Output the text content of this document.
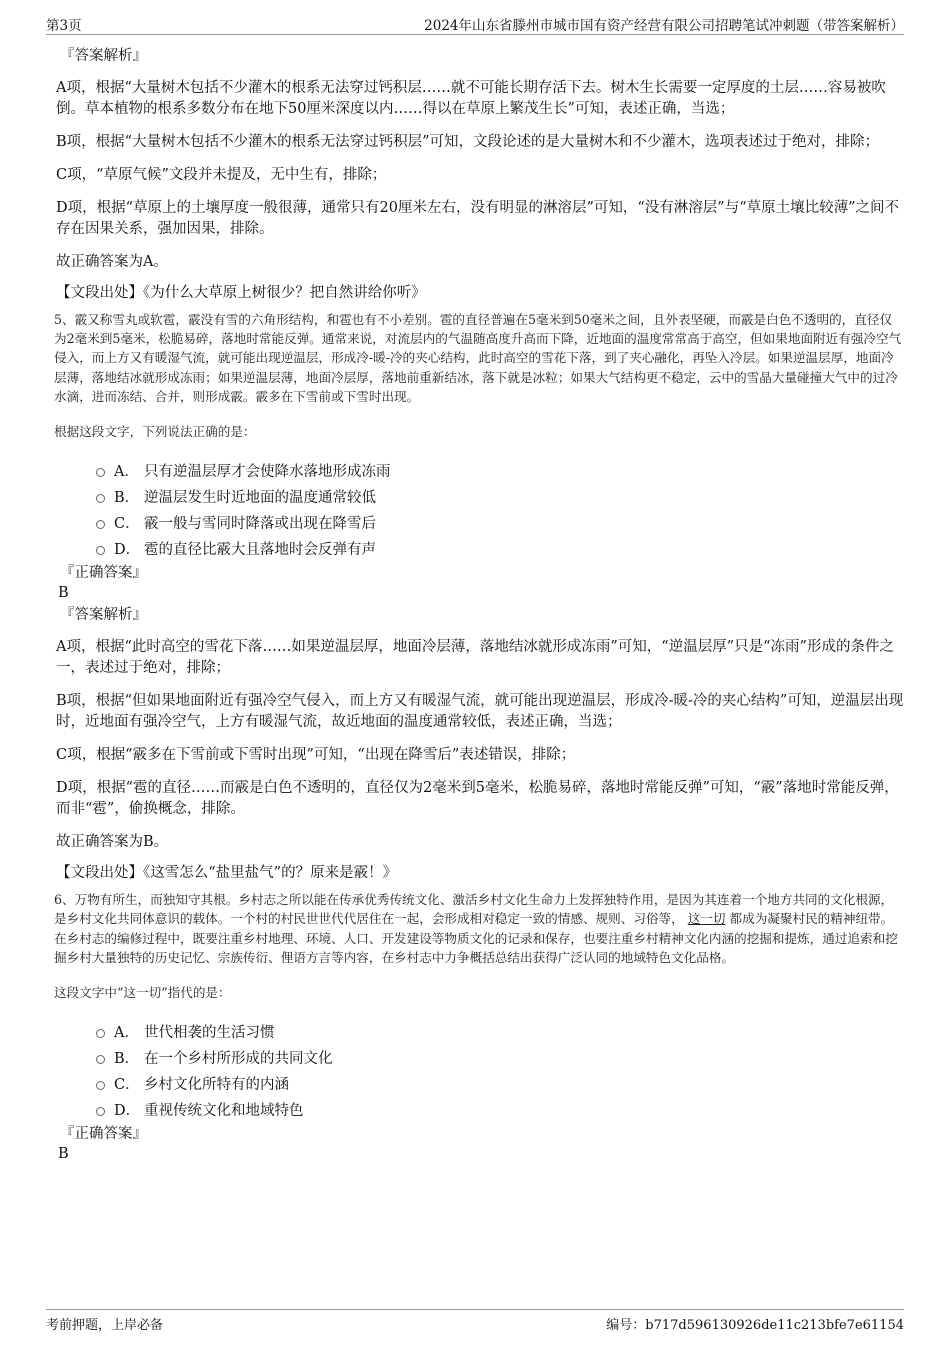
第3页	2024年山东省滕州市城市国有资产经营有限公司招聘笔试冲刺题（带答案解析）

『答案解析』

A项，根据“大量树木包括不少灌木的根系无法穿过钙积层……就不可能长期存活下去。树木生长需要一定厚度的土层……容易被吹倒。草本植物的根系多数分布在地下50厘米深度以内……得以在草原上繁茂生长”可知，表述正确，当选；

B项，根据“大量树木包括不少灌木的根系无法穿过钙积层”可知，文段论述的是大量树木和不少灌木，选项表述过于绝对，排除；

C项，“草原气候”文段并未提及，无中生有，排除；

D项，根据“草原上的土壤厚度一般很薄，通常只有20厘米左右，没有明显的淋溶层”可知，“没有淋溶层”与“草原土壤比较薄”之间不存在因果关系，强加因果，排除。

故正确答案为A。

【文段出处】《为什么大草原上树很少？把自然讲给你听》

5、霰又称雪丸或软雹，霰没有雪的六角形结构，和雹也有不小差别。雹的直径普遍在5毫米到50毫米之间，且外表坚硬，而霰是白色不透明的，直径仅为2毫米到5毫米，松脆易碎，落地时常能反弹。通常来说，对流层内的气温随高度升高而下降，近地面的温度常常高于高空，但如果地面附近有强冷空气侵入，而上方又有暖湿气流，就可能出现逆温层，形成冷-暖-冷的夹心结构，此时高空的雪花下落，到了夹心融化，再坠入冷层。如果逆温层厚，地面冷层薄，落地结冰就形成冻雨；如果逆温层薄，地面冷层厚，落地前重新结冰，落下就是冰粒；如果大气结构更不稳定，云中的雪晶大量碰撞大气中的过冷水滴，进而冻结、合并，则形成霰。霰多在下雪前或下雪时出现。

根据这段文字，下列说法正确的是：

A． 只有逆温层厚才会使降水落地形成冻雨
B． 逆温层发生时近地面的温度通常较低
C． 霰一般与雪同时降落或出现在降雪后
D． 雹的直径比霰大且落地时会反弹有声

『正确答案』

B

『答案解析』

A项，根据“此时高空的雪花下落……如果逆温层厚，地面冷层薄，落地结冰就形成冻雨”可知，“逆温层厚”只是“冻雨”形成的条件之一，表述过于绝对，排除；

B项，根据“但如果地面附近有强冷空气侵入，而上方又有暖湿气流，就可能出现逆温层，形成冷-暖-冷的夹心结构”可知，逆温层出现时，近地面有强冷空气，上方有暖湿气流，故近地面的温度通常较低，表述正确，当选；

C项，根据“霰多在下雪前或下雪时出现”可知，“出现在降雪后”表述错误，排除；

D项，根据“雹的直径……而霰是白色不透明的，直径仅为2毫米到5毫米，松脆易碎，落地时常能反弹”可知，“霰”落地时常能反弹，而非“雹”，偷换概念，排除。

故正确答案为B。

【文段出处】《这雪怎么“盐里盐气”的？原来是霰！》

6、万物有所生，而独知守其根。乡村志之所以能在传承优秀传统文化、激活乡村文化生命力上发挥独特作用，是因为其连着一个地方共同的文化根源，是乡村文化共同体意识的载体。一个村的村民世世代代居住在一起，会形成相对稳定一致的情感、规则、习俗等， 这一切 都成为凝聚村民的精神纽带。在乡村志的编修过程中，既要注重乡村地理、环境、人口、开发建设等物质文化的记录和保存，也要注重乡村精神文化内涵的挖掘和提炼，通过追索和挖掘乡村大量独特的历史记忆、宗族传衍、俚语方言等内容，在乡村志中力争概括总结出获得广泛认同的地域特色文化品格。

这段文字中“这一切”指代的是：

A． 世代相袭的生活习惯
B． 在一个乡村所形成的共同文化
C． 乡村文化所特有的内涵
D． 重视传统文化和地域特色

『正确答案』

B

考前押题，上岸必备	编号：b717d596130926de11c213bfe7e61154
